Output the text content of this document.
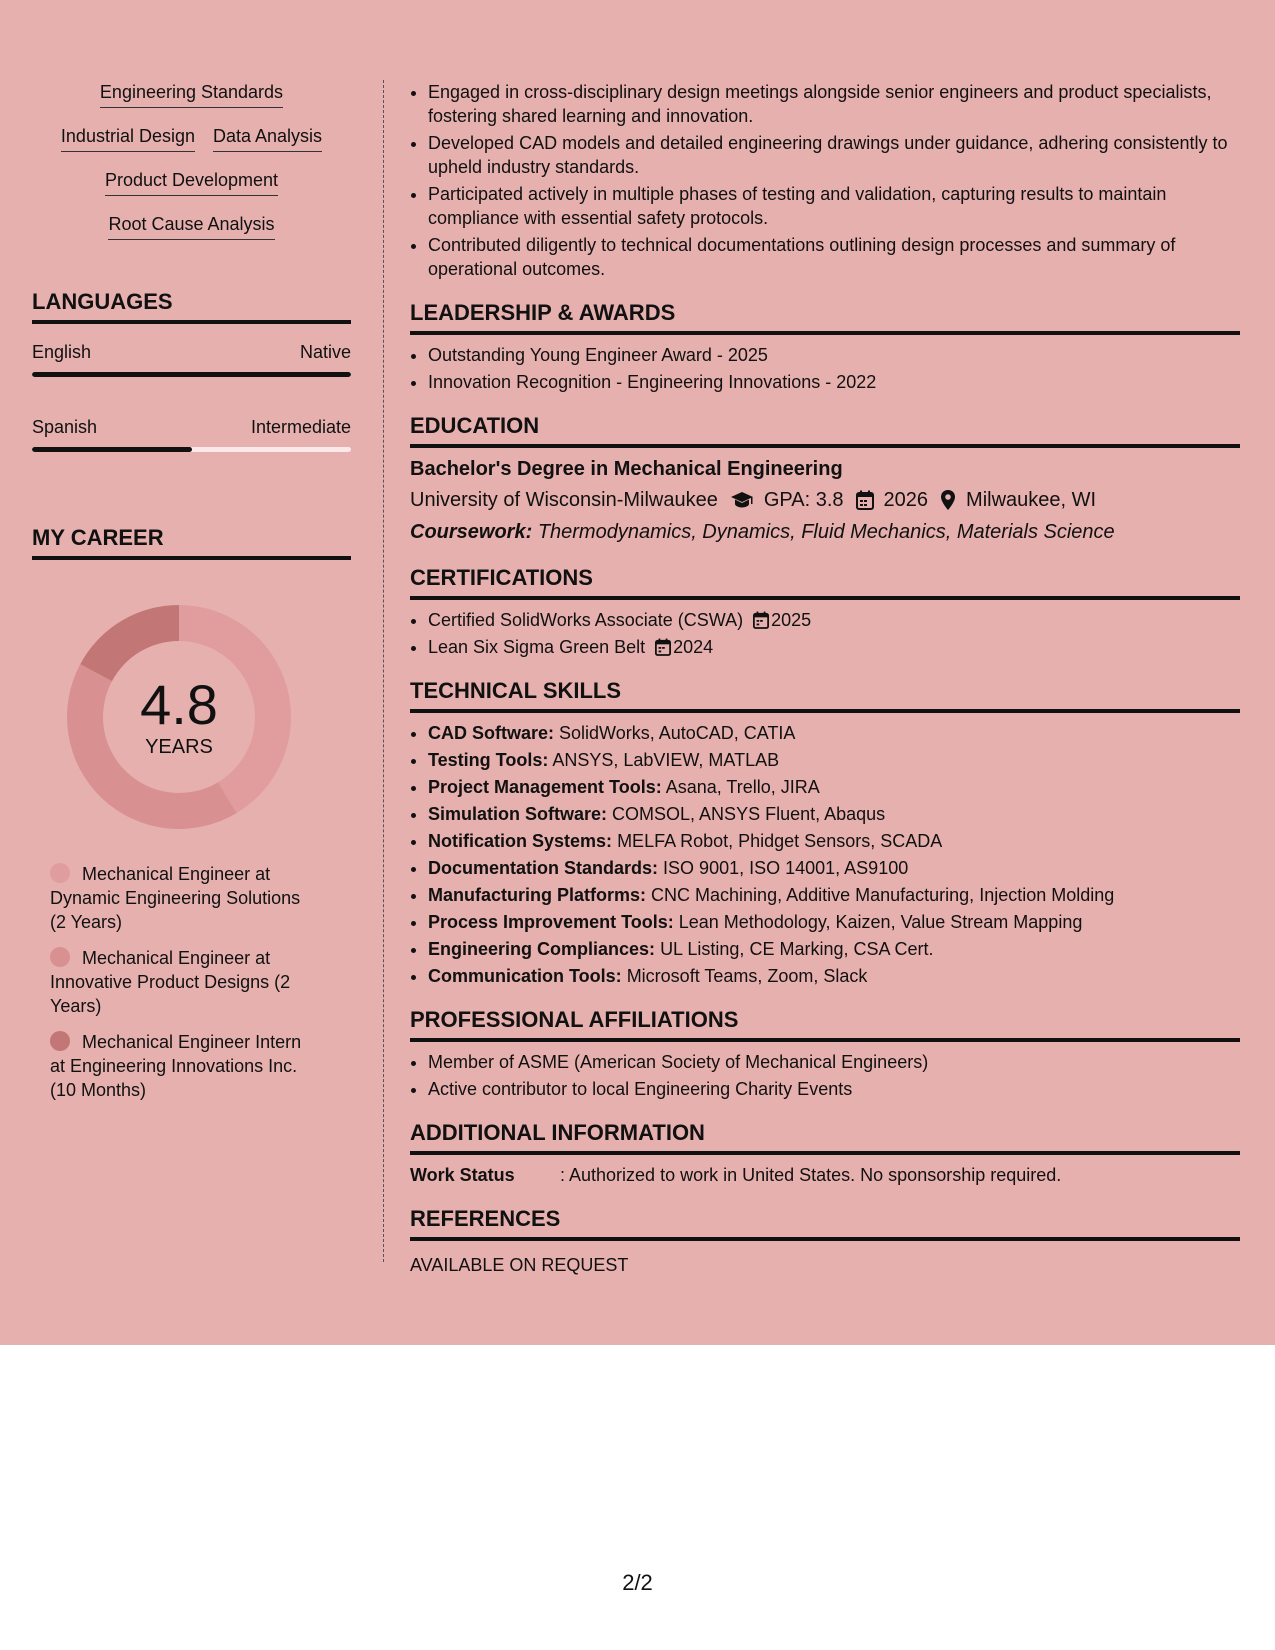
Engineering Standards
Industrial Design Data Analysis
Product Development
Root Cause Analysis
LANGUAGES
English	Native
Spanish	Intermediate
MY CAREER
4.8
YEARS
Mechanical Engineer at Dynamic Engineering Solutions (2 Years)
Mechanical Engineer at Innovative Product Designs (2 Years)
Mechanical Engineer Intern at Engineering Innovations Inc. (10 Months)
• Engaged in cross-disciplinary design meetings alongside senior engineers and product specialists, fostering shared learning and innovation.
• Developed CAD models and detailed engineering drawings under guidance, adhering consistently to upheld industry standards.
• Participated actively in multiple phases of testing and validation, capturing results to maintain compliance with essential safety protocols.
• Contributed diligently to technical documentations outlining design processes and summary of operational outcomes.
LEADERSHIP & AWARDS
• Outstanding Young Engineer Award - 2025
• Innovation Recognition - Engineering Innovations - 2022
EDUCATION
Bachelor's Degree in Mechanical Engineering
University of Wisconsin-Milwaukee GPA: 3.8 2026 Milwaukee, WI
Coursework: Thermodynamics, Dynamics, Fluid Mechanics, Materials Science
CERTIFICATIONS
• Certified SolidWorks Associate (CSWA) 2025
• Lean Six Sigma Green Belt 2024
TECHNICAL SKILLS
• CAD Software: SolidWorks, AutoCAD, CATIA
• Testing Tools: ANSYS, LabVIEW, MATLAB
• Project Management Tools: Asana, Trello, JIRA
• Simulation Software: COMSOL, ANSYS Fluent, Abaqus
• Notification Systems: MELFA Robot, Phidget Sensors, SCADA
• Documentation Standards: ISO 9001, ISO 14001, AS9100
• Manufacturing Platforms: CNC Machining, Additive Manufacturing, Injection Molding
• Process Improvement Tools: Lean Methodology, Kaizen, Value Stream Mapping
• Engineering Compliances: UL Listing, CE Marking, CSA Cert.
• Communication Tools: Microsoft Teams, Zoom, Slack
PROFESSIONAL AFFILIATIONS
• Member of ASME (American Society of Mechanical Engineers)
• Active contributor to local Engineering Charity Events
ADDITIONAL INFORMATION
Work Status	: Authorized to work in United States. No sponsorship required.
REFERENCES
AVAILABLE ON REQUEST
2/2
